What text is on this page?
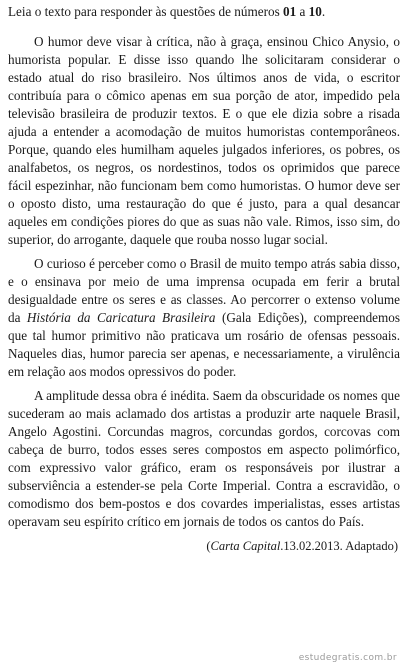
Leia o texto para responder às questões de números 01 a 10.

O humor deve visar à crítica, não à graça, ensinou Chico Anysio, o humorista popular. E disse isso quando lhe solicitaram considerar o estado atual do riso brasileiro. Nos últimos anos de vida, o escritor contribuía para o cômico apenas em sua porção de ator, impedido pela televisão brasileira de produzir textos. E o que ele dizia sobre a risada ajuda a entender a acomodação de muitos humoristas contemporâneos. Porque, quando eles humilham aqueles julgados inferiores, os pobres, os analfabetos, os negros, os nordestinos, todos os oprimidos que parece fácil espezinhar, não funcionam bem como humoristas. O humor deve ser o oposto disto, uma restauração do que é justo, para a qual desancar aqueles em condições piores do que as suas não vale. Rimos, isso sim, do superior, do arrogante, daquele que rouba nosso lugar social.

O curioso é perceber como o Brasil de muito tempo atrás sabia disso, e o ensinava por meio de uma imprensa ocupada em ferir a brutal desigualdade entre os seres e as classes. Ao percorrer o extenso volume da História da Caricatura Brasileira (Gala Edições), compreendemos que tal humor primitivo não praticava um rosário de ofensas pessoais. Naqueles dias, humor parecia ser apenas, e necessariamente, a virulência em relação aos modos opressivos do poder.

A amplitude dessa obra é inédita. Saem da obscuridade os nomes que sucederam ao mais aclamado dos artistas a produzir arte naquele Brasil, Angelo Agostini. Corcundas magros, corcundas gordos, corcovas com cabeça de burro, todos esses seres compostos em aspecto polimórfico, com expressivo valor gráfico, eram os responsáveis por ilustrar a subserviência a estender-se pela Corte Imperial. Contra a escravidão, o comodismo dos bem-postos e dos covardes imperialistas, esses artistas operavam seu espírito crítico em jornais de todos os cantos do País.

(Carta Capital.13.02.2013. Adaptado)
estudegratis.com.br
